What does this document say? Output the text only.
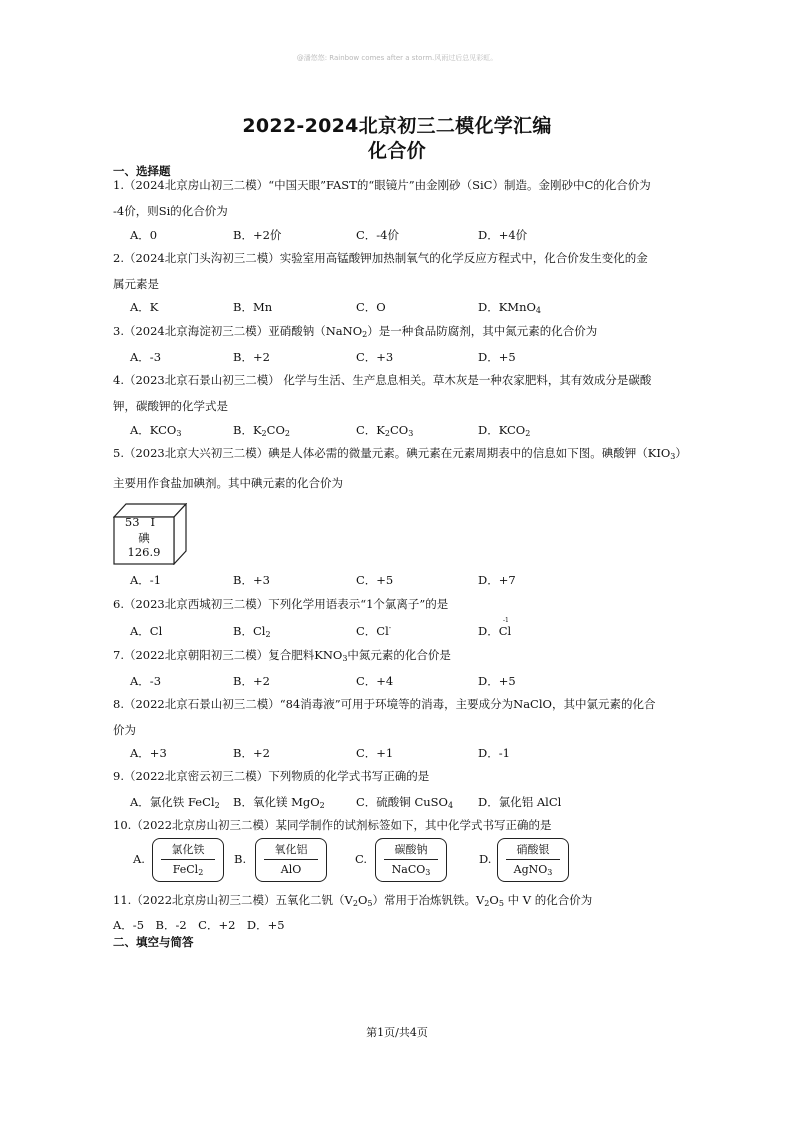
@潘悠悠: Rainbow comes after a storm.风雨过后总见彩虹。
2022-2024北京初三二模化学汇编
化合价
一、选择题
1.（2024北京房山初三二模）“中国天眼”FAST的“眼镜片”由金刚砂（SiC）制造。金刚砂中C的化合价为
-4价，则Si的化合价为
A．0	B．+2价	C．-4价	D．+4价
2.（2024北京门头沟初三二模）实验室用高锰酸钾加热制氧气的化学反应方程式中，化合价发生变化的金
属元素是
A．K	B．Mn	C．O	D．KMnO$_4$
3.（2024北京海淀初三二模）亚硝酸钠（NaNO$_2$）是一种食品防腐剂，其中氮元素的化合价为
A．-3	B．+2	C．+3	D．+5
4.（2023北京石景山初三二模） 化学与生活、生产息息相关。草木灰是一种农家肥料，其有效成分是碳酸
钾，碳酸钾的化学式是
A．$KCO_3$	B．$K_2CO_2$	C．$K_2CO_3$	D．$KCO_2$
5.（2023北京大兴初三二模）碘是人体必需的微量元素。碘元素在元素周期表中的信息如下图。碘酸钾$(KIO_3)$
主要用作食盐加碘剂。其中碘元素的化合价为
53 I
碘
126.9
A．-1	B．+3	C．+5	D．+7
6.（2023北京西城初三二模）下列化学用语表示“1个氯离子”的是
A．Cl	B．$Cl_2$	C．Cl-	D．Cl
-1
7.（2022北京朝阳初三二模）复合肥料$KNO_3$中氮元素的化合价是
A．-3	B．+2	C．+4	D．+5
8.（2022北京石景山初三二模）“84消毒液”可用于环境等的消毒，主要成分为NaClO，其中氯元素的化合
价为
A．+3	B．+2	C．+1	D．-1
9.（2022北京密云初三二模）下列物质的化学式书写正确的是
A．氯化铁 FeCl$_2$ B．氧化镁 MgO$_2$	C．硫酸铜 CuSO$_4$ D．氯化铝 AlCl
10.（2022北京房山初三二模）某同学制作的试剂标签如下，其中化学式书写正确的是
A.
氯化铁
FeCl$_2$
B.
氧化铝
AlO
C.
碳酸钠
NaCO$_3$
D.
硝酸银
AgNO$_3$
11.（2022北京房山初三二模）五氧化二钒$(V_2O_5)$常用于冶炼钒铁。$V_2O_5$ 中 V 的化合价为
A．-5　B．-2　C．+2　D．+5
二、填空与简答
第1页/共4页
